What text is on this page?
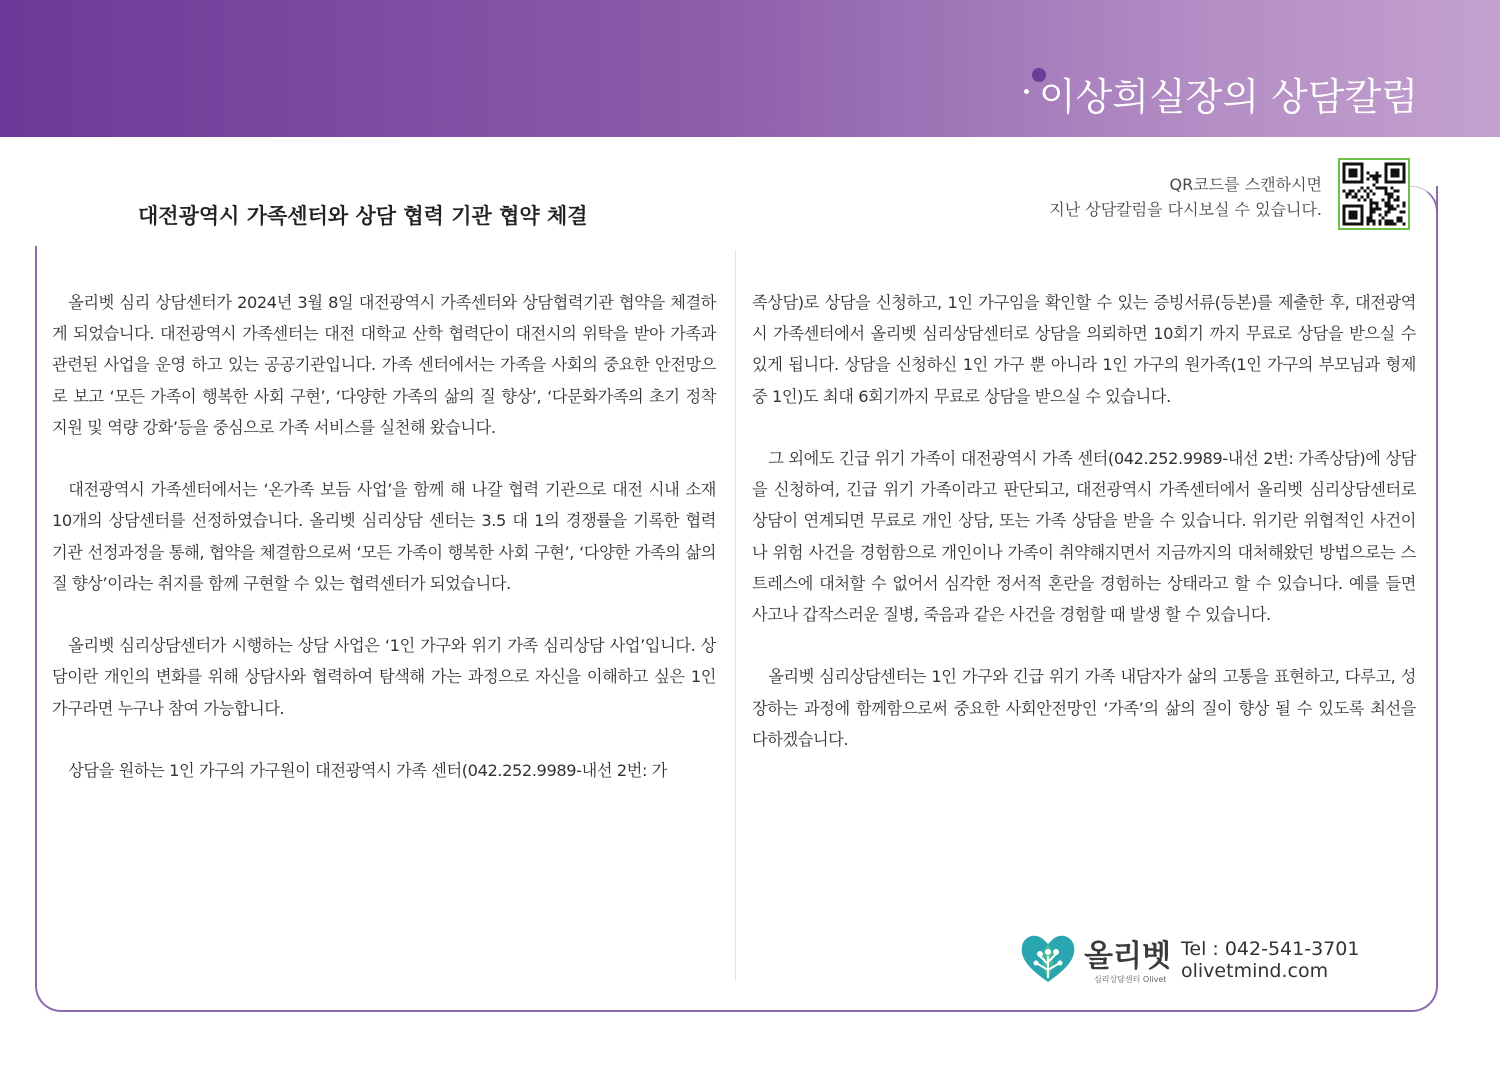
이상희실장의 상담칼럼
대전광역시 가족센터와 상담 협력 기관 협약 체결
QR코드를 스캔하시면
지난 상담칼럼을 다시보실 수 있습니다.

올리벳 심리 상담센터가 2024년 3월 8일 대전광역시 가족센터와 상담협력기관 협약을 체결하게 되었습니다. 대전광역시 가족센터는 대전 대학교 산학 협력단이 대전시의 위탁을 받아 가족과 관련된 사업을 운영 하고 있는 공공기관입니다. 가족 센터에서는 가족을 사회의 중요한 안전망으로 보고 ‘모든 가족이 행복한 사회 구현’, ‘다양한 가족의 삶의 질 향상’, ‘다문화가족의 초기 정착 지원 및 역량 강화’등을 중심으로 가족 서비스를 실천해 왔습니다.

대전광역시 가족센터에서는 ‘온가족 보듬 사업’을 함께 해 나갈 협력 기관으로 대전 시내 소재 10개의 상담센터를 선정하였습니다. 올리벳 심리상담 센터는 3.5 대 1의 경쟁률을 기록한 협력 기관 선정과정을 통해, 협약을 체결함으로써 ‘모든 가족이 행복한 사회 구현’, ‘다양한 가족의 삶의 질 향상’이라는 취지를 함께 구현할 수 있는 협력센터가 되었습니다.

올리벳 심리상담센터가 시행하는 상담 사업은 ‘1인 가구와 위기 가족 심리상담 사업’입니다. 상담이란 개인의 변화를 위해 상담사와 협력하여 탐색해 가는 과정으로 자신을 이해하고 싶은 1인 가구라면 누구나 참여 가능합니다.

상담을 원하는 1인 가구의 가구원이 대전광역시 가족 센터(042.252.9989-내선 2번: 가

족상담)로 상담을 신청하고, 1인 가구임을 확인할 수 있는 증빙서류(등본)를 제출한 후, 대전광역시 가족센터에서 올리벳 심리상담센터로 상담을 의뢰하면 10회기 까지 무료로 상담을 받으실 수 있게 됩니다. 상담을 신청하신 1인 가구 뿐 아니라 1인 가구의 원가족(1인 가구의 부모님과 형제 중 1인)도 최대 6회기까지 무료로 상담을 받으실 수 있습니다.

그 외에도 긴급 위기 가족이 대전광역시 가족 센터(042.252.9989-내선 2번: 가족상담)에 상담을 신청하여, 긴급 위기 가족이라고 판단되고, 대전광역시 가족센터에서 올리벳 심리상담센터로 상담이 연계되면 무료로 개인 상담, 또는 가족 상담을 받을 수 있습니다. 위기란 위협적인 사건이나 위험 사건을 경험함으로 개인이나 가족이 취약해지면서 지금까지의 대처해왔던 방법으로는 스트레스에 대처할 수 없어서 심각한 정서적 혼란을 경험하는 상태라고 할 수 있습니다. 예를 들면 사고나 갑작스러운 질병, 죽음과 같은 사건을 경험할 때 발생 할 수 있습니다.

올리벳 심리상담센터는 1인 가구와 긴급 위기 가족 내담자가 삶의 고통을 표현하고, 다루고, 성장하는 과정에 함께함으로써 중요한 사회안전망인 ‘가족’의 삶의 질이 향상 될 수 있도록 최선을 다하겠습니다.

올리벳
심리상담센터 Olivet
Tel : 042-541-3701
olivetmind.com
